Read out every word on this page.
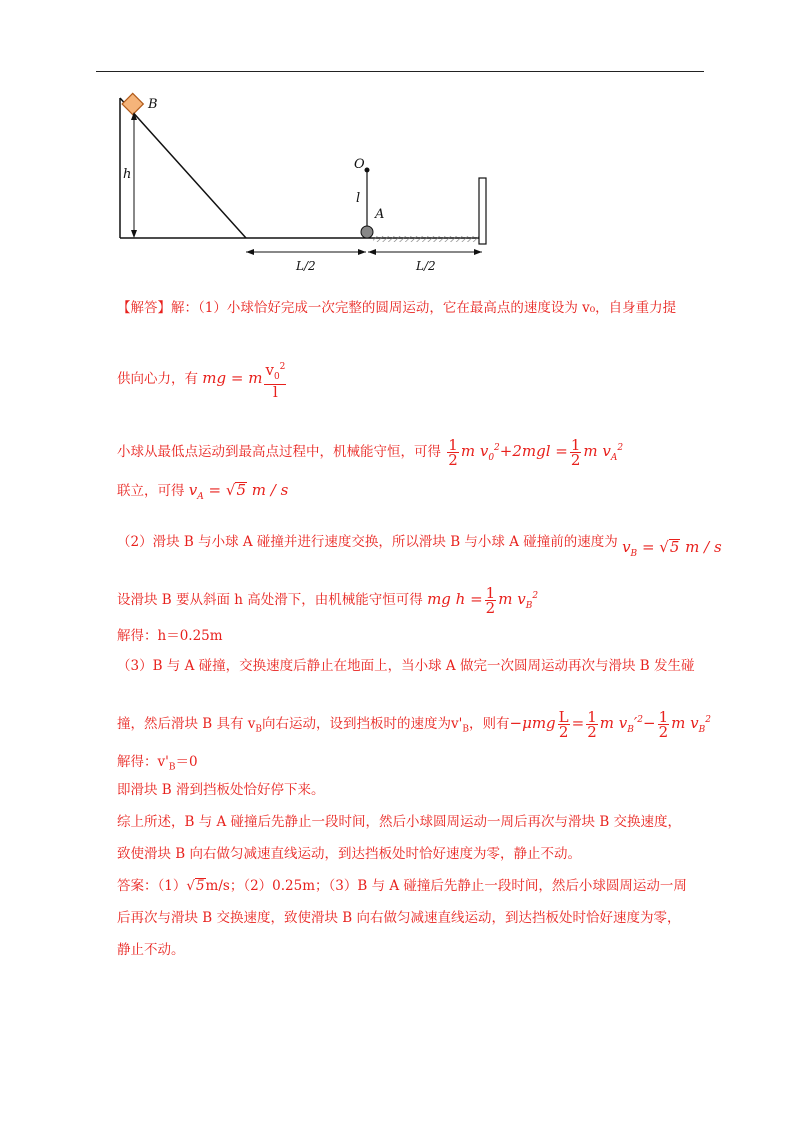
B
h
O
l
A
L/2	L/2
【解答】解：（1）小球恰好完成一次完整的圆周运动，它在最高点的速度设为 v₀，自身重力提
供向心力，有 mg = m $\frac{v_0^2}{l}$
小球从最低点运动到最高点过程中，机械能守恒，可得 $\frac{1}{2}$ m $v_0^2+2mgl = \frac{1}{2}$ m $v_A^2$
联立，可得 $v_A = √5$ m / s
（2）滑块 B 与小球 A 碰撞并进行速度交换，所以滑块 B 与小球 A 碰撞前的速度为 $v_B = √5$ m / s
设滑块 B 要从斜面 h 高处滑下，由机械能守恒可得 mg $h = \frac{1}{2}$ m $v_B^2$
解得：h＝0.25m
（3）B 与 A 碰撞，交换速度后静止在地面上，当小球 A 做完一次圆周运动再次与滑块 B 发生碰
撞，然后滑块 B 具有 $v_B$向右运动，设到挡板时的速度为$v'_B$，则有$-\mu mg \frac{L}{2} = \frac{1}{2}$ m $v_B'^2- \frac{1}{2}$ m $v_B^2$
解得：$v'_B=0$
即滑块 B 滑到挡板处恰好停下来。
综上所述，B 与 A 碰撞后先静止一段时间，然后小球圆周运动一周后再次与滑块 B 交换速度，
致使滑块 B 向右做匀减速直线运动，到达挡板处时恰好速度为零，静止不动。
答案：（1）√5m/s；（2）0.25m；（3）B 与 A 碰撞后先静止一段时间，然后小球圆周运动一周
后再次与滑块 B 交换速度，致使滑块 B 向右做匀减速直线运动，到达挡板处时恰好速度为零，
静止不动。
